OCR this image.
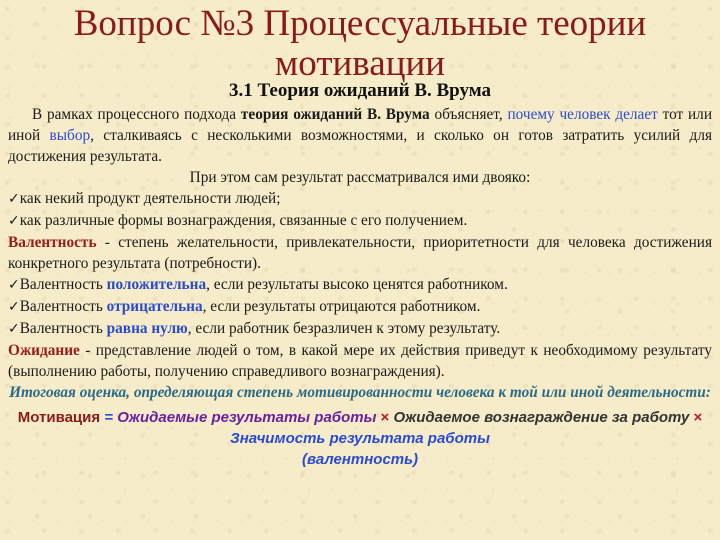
Вопрос №3 Процессуальные теории мотивации
3.1 Теория ожиданий В. Врума

В рамках процессного подхода теория ожиданий В. Врума объясняет, почему человек делает тот или иной выбор, сталкиваясь с несколькими возможностями, и сколько он готов затратить усилий для достижения результата.

При этом сам результат рассматривался ими двояко:

✓как некий продукт деятельности людей;

✓как различные формы вознаграждения, связанные с его получением.

Валентность - степень желательности, привлекательности, приоритетности для человека достижения конкретного результата (потребности).

✓Валентность положительна, если результаты высоко ценятся работником.

✓Валентность отрицательна, если результаты отрицаются работником.

✓Валентность равна нулю, если работник безразличен к этому результату.

Ожидание - представление людей о том, в какой мере их действия приведут к необходимому результату (выполнению работы, получению справедливого вознаграждения).

Итоговая оценка, определяющая степень мотивированности человека к той или иной деятельности:

Мотивация = Ожидаемые результаты работы × Ожидаемое вознаграждение за работу × Значимость результата работы
(валентность)
